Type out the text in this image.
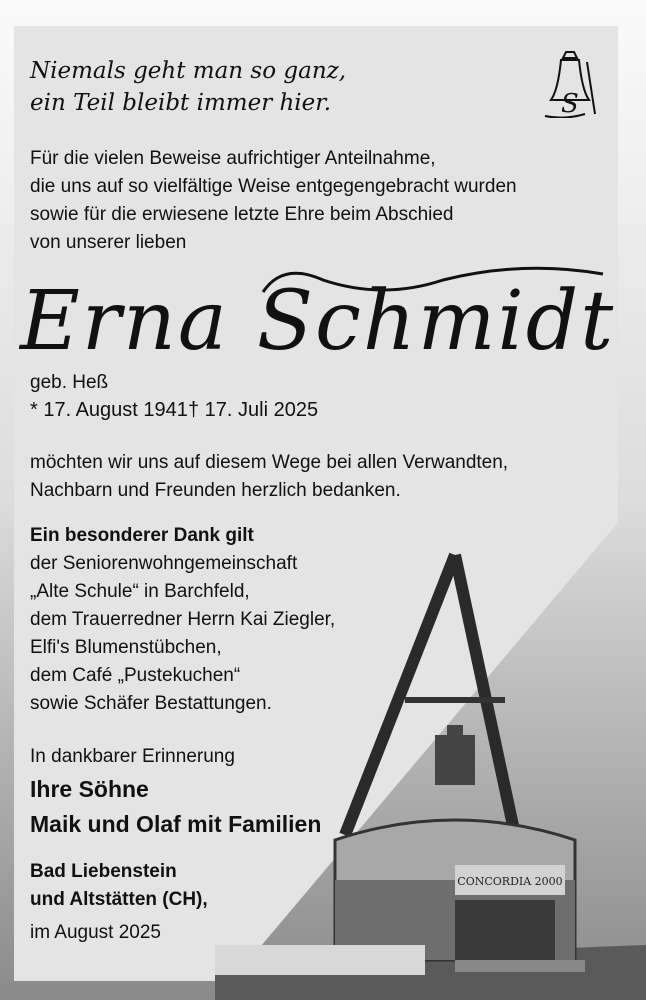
Niemals geht man so ganz,
ein Teil bleibt immer hier.	S
Für die vielen Beweise aufrichtiger Anteilnahme,
die uns auf so vielfältige Weise entgegengebracht wurden
sowie für die erwiesene letzte Ehre beim Abschied
von unserer lieben
Erna Schmidt
geb. Heß
* 17. August 1941 † 17. Juli 2025
möchten wir uns auf diesem Wege bei allen Verwandten,
Nachbarn und Freunden herzlich bedanken.
Ein besonderer Dank gilt
der Seniorenwohngemeinschaft
„Alte Schule“ in Barchfeld,
dem Trauerredner Herrn Kai Ziegler,
Elfi's Blumenstübchen,
dem Café „Pustekuchen“
sowie Schäfer Bestattungen.
In dankbarer Erinnerung
Ihre Söhne
Maik und Olaf mit Familien
Bad Liebenstein
und Altstätten (CH),
im August 2025
CONCORDIA 2000
